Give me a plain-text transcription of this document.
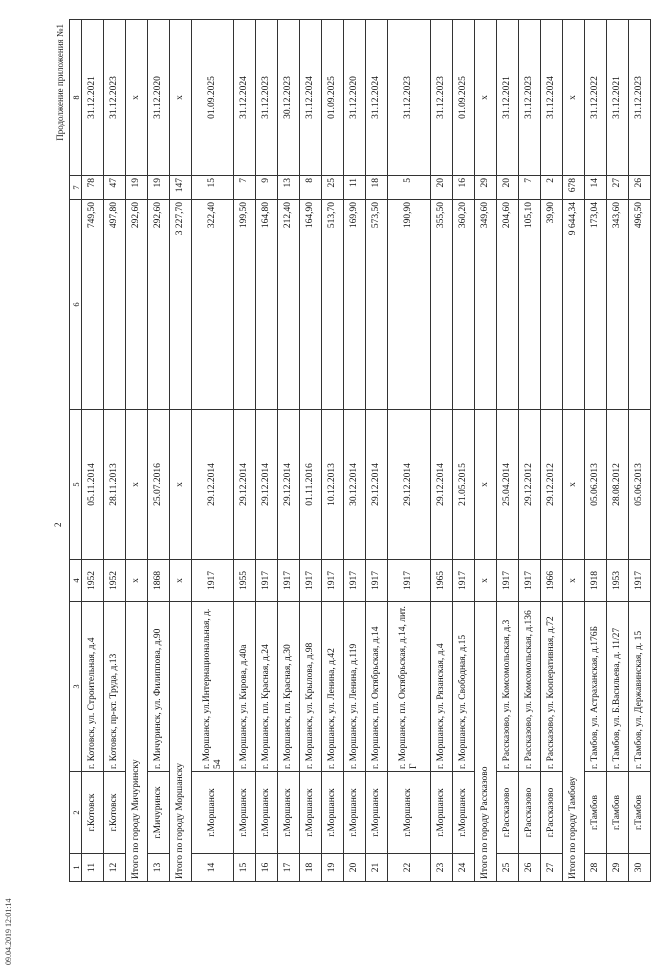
2
Продолжение приложения №1
1	2	3	4	5	6	7	8
11	г.Котовск	г. Котовск, ул. Строительная, д.4	1952	05.11.2014	749,50	78	31.12.2021
12	г.Котовск	г. Котовск, пр-кт. Труда, д.13	1952	28.11.2013	497,80	47	31.12.2023
Итого по городу Мичуринску			x	x	292,60	19	x
13	г.Мичуринск	г. Мичуринск, ул. Филиппова, д.90	1868	25.07.2016	292,60	19	31.12.2020
Итого по городу Моршанску			x	x	3 227,70	147	x
14	г.Моршанск	г. Моршанск, ул.Интернациональная, д. 54	1917	29.12.2014	322,40	15	01.09.2025
15	г.Моршанск	г. Моршанск, ул. Кирова, д.40а	1955	29.12.2014	199,50	7	31.12.2024
16	г.Моршанск	г. Моршанск, пл. Красная, д.24	1917	29.12.2014	164,80	9	31.12.2023
17	г.Моршанск	г. Моршанск, пл. Красная, д.30	1917	29.12.2014	212,40	13	30.12.2023
18	г.Моршанск	г. Моршанск, ул. Крылова, д.98	1917	01.11.2016	164,90	8	31.12.2024
19	г.Моршанск	г. Моршанск, ул. Ленина, д.42	1917	10.12.2013	513,70	25	01.09.2025
20	г.Моршанск	г. Моршанск, ул. Ленина, д.119	1917	30.12.2014	169,90	11	31.12.2020
21	г.Моршанск	г. Моршанск, пл. Октябрьская, д.14	1917	29.12.2014	573,50	18	31.12.2024
22	г.Моршанск	г. Моршанск, пл. Октябрьская, д.14, лит. Г	1917	29.12.2014	190,90	5	31.12.2023
23	г.Моршанск	г. Моршанск, ул. Рязанская, д.4	1965	29.12.2014	355,50	20	31.12.2023
24	г.Моршанск	г. Моршанск, ул. Свободная, д.15	1917	21.05.2015	360,20	16	01.09.2025
Итого по городу Рассказово			x	x	349,60	29	x
25	г.Рассказово	г. Рассказово, ул. Комсомольская, д.3	1917	25.04.2014	204,60	20	31.12.2021
26	г.Рассказово	г. Рассказово, ул. Комсомольская, д.136	1917	29.12.2012	105,10	7	31.12.2023
27	г.Рассказово	г. Рассказово, ул. Кооперативная, д.72	1966	29.12.2012	39,90	2	31.12.2024
Итого по городу Тамбову			x	x	9 644,34	678	x
28	г.Тамбов	г. Тамбов, ул. Астраханская, д.176Б	1918	05.06.2013	173,04	14	31.12.2022
29	г.Тамбов	г. Тамбов, ул. Б.Васильева, д. 11/27	1953	28.08.2012	343,60	27	31.12.2021
30	г.Тамбов	г. Тамбов, ул. Державинская, д. 15	1917	05.06.2013	496,50	26	31.12.2023
09.04.2019 12:01:14
